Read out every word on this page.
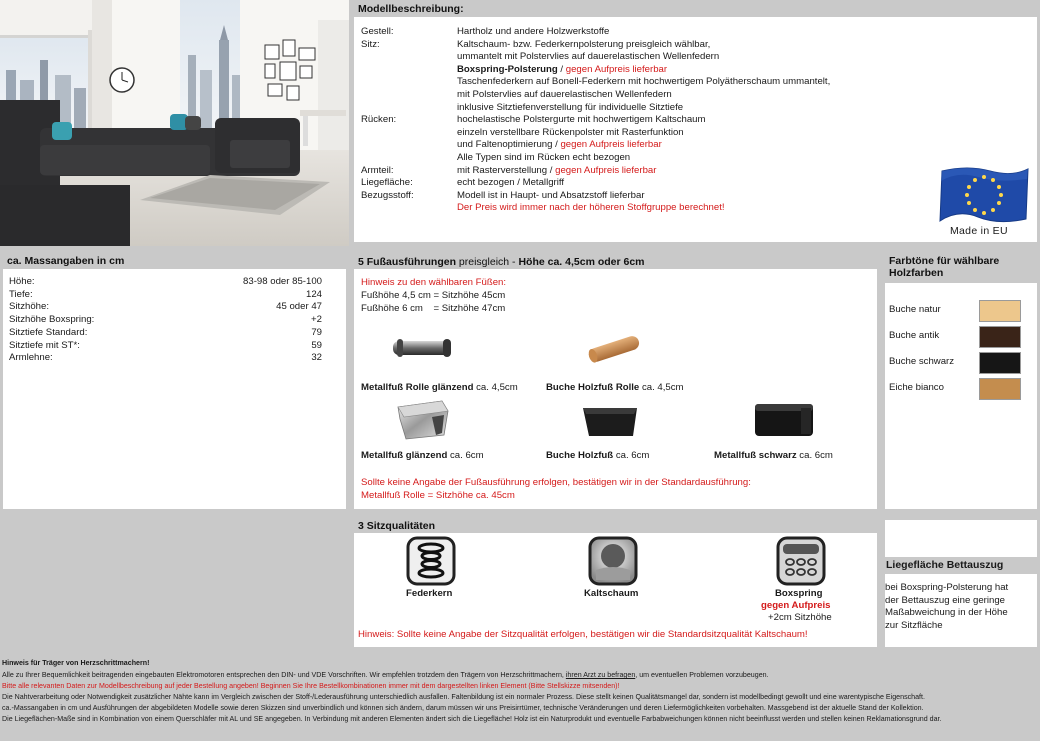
Modellbeschreibung:
Gestell:	Hartholz und andere Holzwerkstoffe
Sitz:	Kaltschaum- bzw. Federkernpolsterung preisgleich wählbar,
ummantelt mit Polstervlies auf dauerelastischen Wellenfedern
Boxspring-Polsterung / gegen Aufpreis lieferbar
Taschenfederkern auf Bonell-Federkern mit hochwertigem Polyätherschaum ummantelt,
mit Polstervlies auf dauerelastischen Wellenfedern
inklusive Sitztiefenverstellung für individuelle Sitztiefe
Rücken:	hochelastische Polstergurte mit hochwertigem Kaltschaum
einzeln verstellbare Rückenpolster mit Rasterfunktion
und Faltenoptimierung / gegen Aufpreis lieferbar
Alle Typen sind im Rücken echt bezogen
Armteil:	mit Rasterverstellung / gegen Aufpreis lieferbar
Liegefläche:	echt bezogen / Metallgriff
Bezugsstoff:	Modell ist in Haupt- und Absatzstoff lieferbar
Der Preis wird immer nach der höheren Stoffgruppe berechnet!
Made in EU
ca. Massangaben in cm
Höhe:	83-98 oder 85-100
Tiefe:	124
Sitzhöhe:	45 oder 47
Sitzhöhe Boxspring:	+2
Sitztiefe Standard:	79
Sitztiefe mit ST*:	59
Armlehne:	32
5 Fußausführungen preisgleich - Höhe ca. 4,5cm oder 6cm
Hinweis zu den wählbaren Füßen:
Fußhöhe 4,5 cm = Sitzhöhe 45cm
Fußhöhe 6 cm    = Sitzhöhe 47cm
Metallfuß Rolle glänzend ca. 4,5cm	Buche Holzfuß Rolle ca. 4,5cm
Metallfuß glänzend ca. 6cm	Buche Holzfuß ca. 6cm	Metallfuß schwarz ca. 6cm
Sollte keine Angabe der Fußausführung erfolgen, bestätigen wir in der Standardausführung:
Metallfuß Rolle = Sitzhöhe ca. 45cm
Farbtöne für wählbare
Holzfarben
Buche natur
Buche antik
Buche schwarz
Eiche bianco
3 Sitzqualitäten
Federkern	Kaltschaum	Boxspring
gegen Aufpreis
+2cm Sitzhöhe
Hinweis: Sollte keine Angabe der Sitzqualität erfolgen, bestätigen wir die Standardsitzqualität Kaltschaum!
Liegefläche Bettauszug
bei Boxspring-Polsterung hat
der Bettauszug eine geringe
Maßabweichung in der Höhe
zur Sitzfläche
Hinweis für Träger von Herzschrittmachern!
Alle zu Ihrer Bequemlichkeit beitragenden eingebauten Elektromotoren entsprechen den DIN- und VDE Vorschriften. Wir empfehlen trotzdem den Trägern von Herzschrittmachern, ihren Arzt zu befragen, um eventuellen Problemen vorzubeugen.
Bitte alle relevanten Daten zur Modellbeschreibung auf jeder Bestellung angeben! Beginnen Sie Ihre Bestellkombinationen immer mit dem dargestellten linken Element (Bitte Stellskizze mitsenden)!
Die Nahtverarbeitung oder Notwendigkeit zusätzlicher Nähte kann im Vergleich zwischen der Stoff-/Lederausführung unterschiedlich ausfallen. Faltenbildung ist ein normaler Prozess. Diese stellt keinen Qualitätsmangel dar, sondern ist modellbedingt gewollt und eine warentypische Eigenschaft.
ca.-Massangaben in cm und Ausführungen der abgebildeten Modelle sowie deren Skizzen sind unverbindlich und können sich ändern, darum müssen wir uns Preisirrtümer, technische Veränderungen und deren Liefermöglichkeiten vorbehalten. Massgebend ist der aktuelle Stand der Kollektion.
Die Liegeflächen-Maße sind in Kombination von einem Querschläfer mit AL und SE angegeben. In Verbindung mit anderen Elementen ändert sich die Liegefläche! Holz ist ein Naturprodukt und eventuelle Farbabweichungen können nicht beeinflusst werden und stellen keinen Reklamationsgrund dar.
